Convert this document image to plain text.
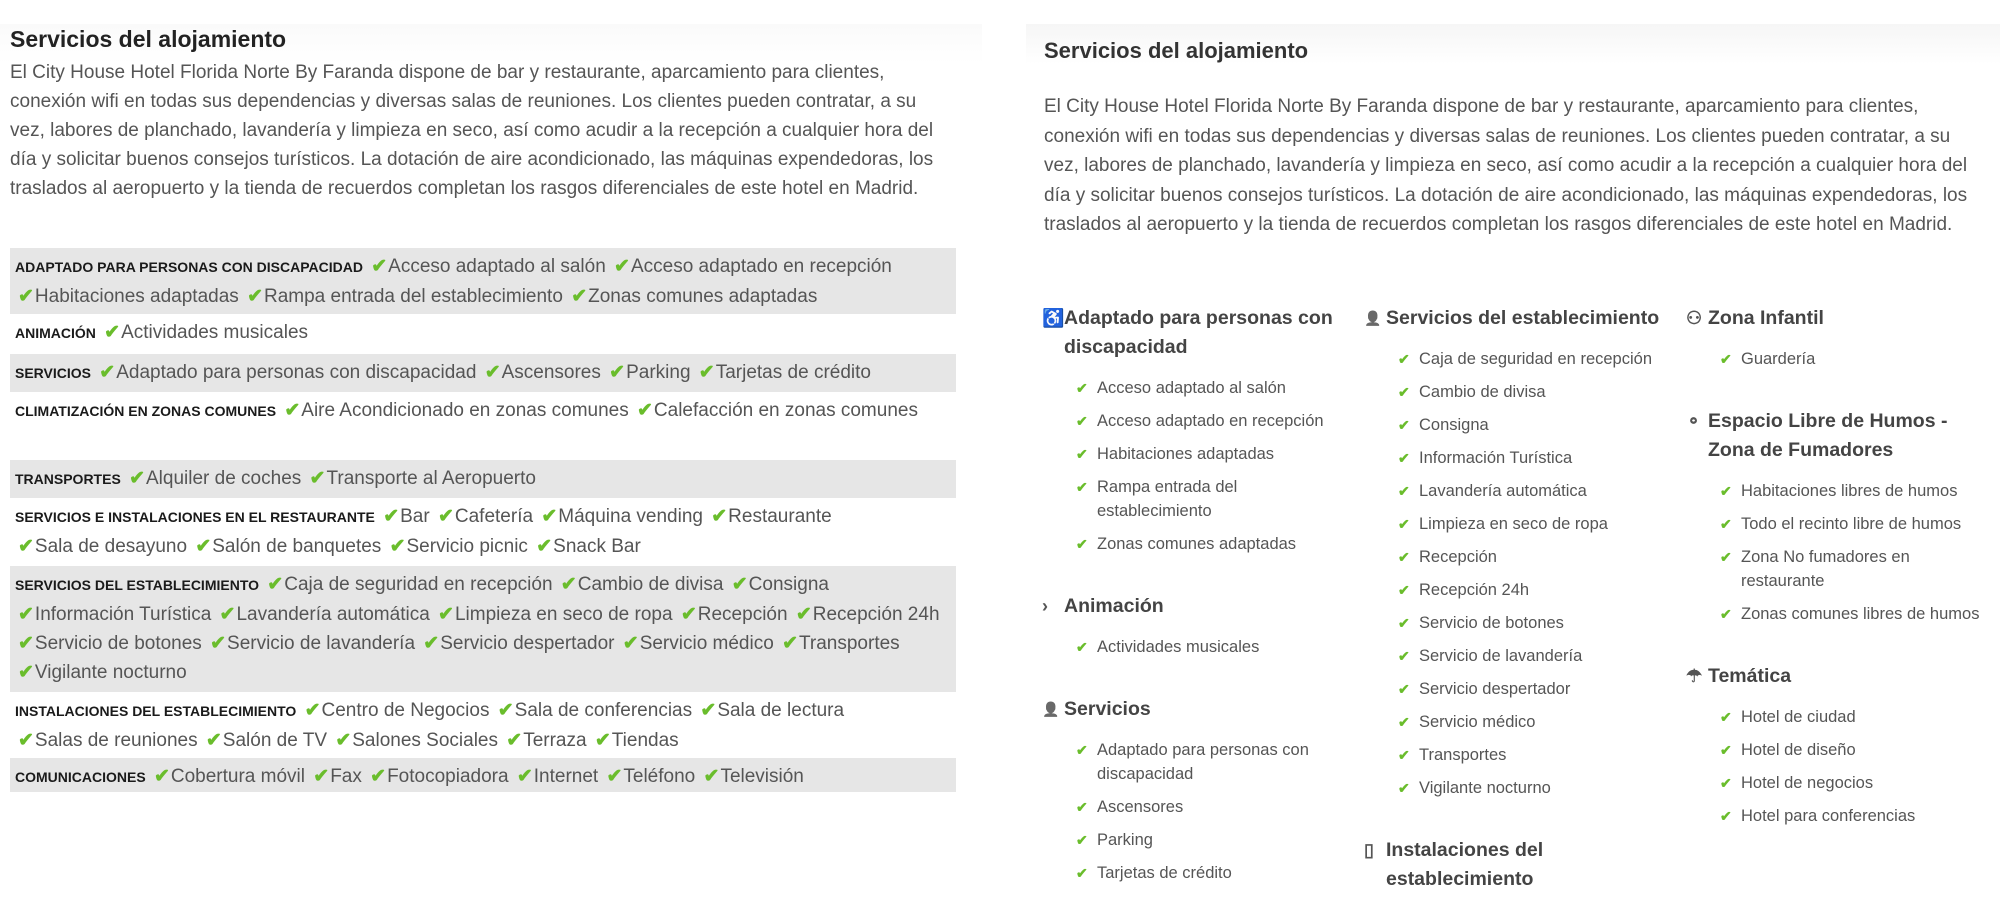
Servicios del alojamiento

El City House Hotel Florida Norte By Faranda dispone de bar y restaurante, aparcamiento para clientes, conexión wifi en todas sus dependencias y diversas salas de reuniones. Los clientes pueden contratar, a su vez, labores de planchado, lavandería y limpieza en seco, así como acudir a la recepción a cualquier hora del día y solicitar buenos consejos turísticos. La dotación de aire acondicionado, las máquinas expendedoras, los traslados al aeropuerto y la tienda de recuerdos completan los rasgos diferenciales de este hotel en Madrid.

ADAPTADO PARA PERSONAS CON DISCAPACIDAD ✔Acceso adaptado al salón ✔Acceso adaptado en recepción ✔Habitaciones adaptadas ✔Rampa entrada del establecimiento ✔Zonas comunes adaptadas
ANIMACIÓN ✔Actividades musicales
SERVICIOS ✔Adaptado para personas con discapacidad ✔Ascensores ✔Parking ✔Tarjetas de crédito
CLIMATIZACIÓN EN ZONAS COMUNES ✔Aire Acondicionado en zonas comunes ✔Calefacción en zonas comunes
TRANSPORTES ✔Alquiler de coches ✔Transporte al Aeropuerto
SERVICIOS E INSTALACIONES EN EL RESTAURANTE ✔Bar ✔Cafetería ✔Máquina vending ✔Restaurante ✔Sala de desayuno ✔Salón de banquetes ✔Servicio picnic ✔Snack Bar
SERVICIOS DEL ESTABLECIMIENTO ✔Caja de seguridad en recepción ✔Cambio de divisa ✔Consigna ✔Información Turística ✔Lavandería automática ✔Limpieza en seco de ropa ✔Recepción ✔Recepción 24h ✔Servicio de botones ✔Servicio de lavandería ✔Servicio despertador ✔Servicio médico ✔Transportes ✔Vigilante nocturno
INSTALACIONES DEL ESTABLECIMIENTO ✔Centro de Negocios ✔Sala de conferencias ✔Sala de lectura ✔Salas de reuniones ✔Salón de TV ✔Salones Sociales ✔Terraza ✔Tiendas
COMUNICACIONES ✔Cobertura móvil ✔Fax ✔Fotocopiadora ✔Internet ✔Teléfono ✔Televisión
Servicios del alojamiento

El City House Hotel Florida Norte By Faranda dispone de bar y restaurante, aparcamiento para clientes, conexión wifi en todas sus dependencias y diversas salas de reuniones. Los clientes pueden contratar, a su vez, labores de planchado, lavandería y limpieza en seco, así como acudir a la recepción a cualquier hora del día y solicitar buenos consejos turísticos. La dotación de aire acondicionado, las máquinas expendedoras, los traslados al aeropuerto y la tienda de recuerdos completan los rasgos diferenciales de este hotel en Madrid.

♿ Adaptado para personas con discapacidad
✔ Acceso adaptado al salón
✔ Acceso adaptado en recepción
✔ Habitaciones adaptadas
✔ Rampa entrada del establecimiento
✔ Zonas comunes adaptadas
› Animación
✔ Actividades musicales
👤 Servicios
✔ Adaptado para personas con discapacidad
✔ Ascensores
✔ Parking
✔ Tarjetas de crédito
👤 Servicios del establecimiento
✔ Caja de seguridad en recepción
✔ Cambio de divisa
✔ Consigna
✔ Información Turística
✔ Lavandería automática
✔ Limpieza en seco de ropa
✔ Recepción
✔ Recepción 24h
✔ Servicio de botones
✔ Servicio de lavandería
✔ Servicio despertador
✔ Servicio médico
✔ Transportes
✔ Vigilante nocturno
▯ Instalaciones del establecimiento
⚇ Zona Infantil
✔ Guardería
⚬ Espacio Libre de Humos - Zona de Fumadores
✔ Habitaciones libres de humos
✔ Todo el recinto libre de humos
✔ Zona No fumadores en restaurante
✔ Zonas comunes libres de humos
☂ Temática
✔ Hotel de ciudad
✔ Hotel de diseño
✔ Hotel de negocios
✔ Hotel para conferencias
